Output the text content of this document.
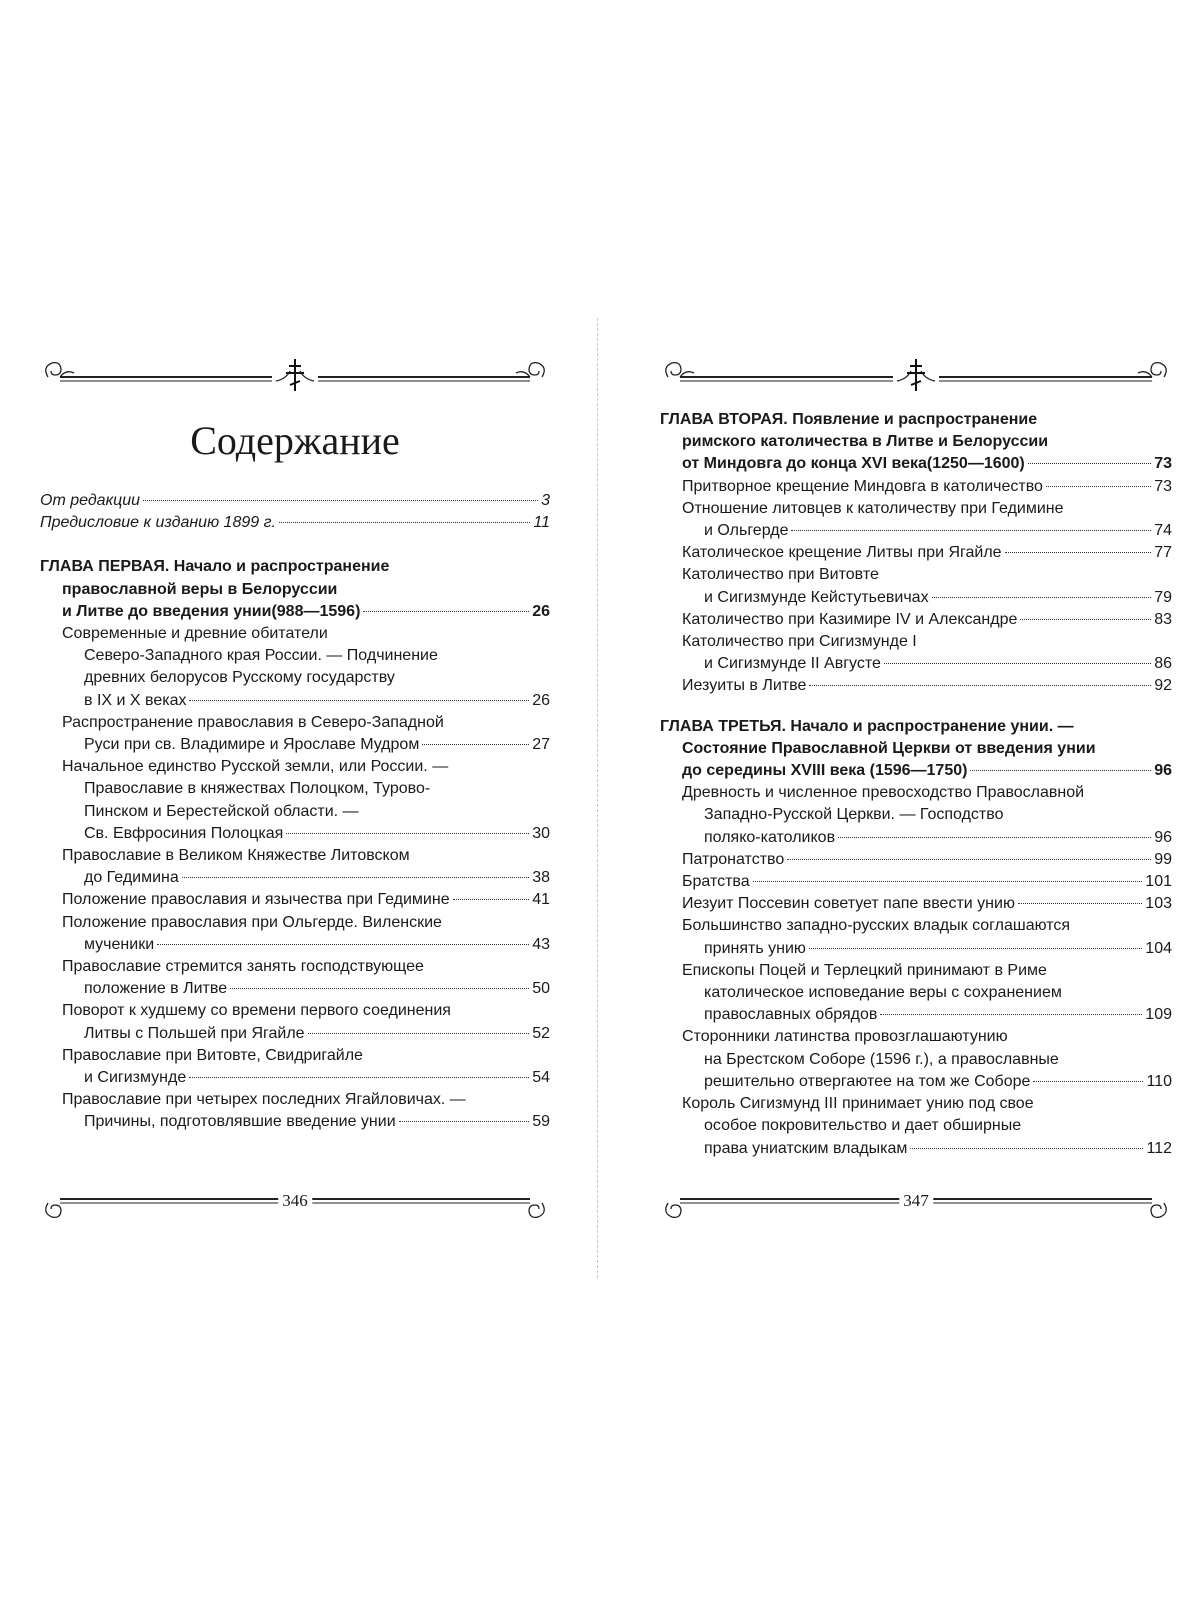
Содержание
От редакции	3
Предисловие к изданию 1899 г.	11
ГЛАВА ПЕРВАЯ. Начало и распространение
православной веры в Белоруссии
и Литве до введения унии(988—1596)	26
Современные и древние обитатели
Северо-Западного края России. — Подчинение
древних белорусов Русскому государству
в IX и X веках	26
Распространение православия в Северо-Западной
Руси при св. Владимире и Ярославе Мудром	27
Начальное единство Русской земли, или России. —
Православие в княжествах Полоцком, Турово-
Пинском и Берестейской области. —
Св. Евфросиния Полоцкая	30
Православие в Великом Княжестве Литовском
до Гедимина	38
Положение православия и язычества при Гедимине	41
Положение православия при Ольгерде. Виленские
мученики	43
Православие стремится занять господствующее
положение в Литве	50
Поворот к худшему со времени первого соединения
Литвы с Польшей при Ягайле	52
Православие при Витовте, Свидригайле
и Сигизмунде	54
Православие при четырех последних Ягайловичах. —
Причины, подготовлявшие введение унии	59
346
ГЛАВА ВТОРАЯ. Появление и распространение
римского католичества в Литве и Белоруссии
от Миндовга до конца XVI века(1250—1600)	73
Притворное крещение Миндовга в католичество	73
Отношение литовцев к католичеству при Гедимине
и Ольгерде	74
Католическое крещение Литвы при Ягайле	77
Католичество при Витовте
и Сигизмунде Кейстутьевичах	79
Католичество при Казимире IV и Александре	83
Католичество при Сигизмунде I
и Сигизмунде II Августе	86
Иезуиты в Литве	92
ГЛАВА ТРЕТЬЯ. Начало и распространение унии. —
Состояние Православной Церкви от введения унии
до середины XVIII века (1596—1750)	96
Древность и численное превосходство Православной
Западно-Русской Церкви. — Господство
поляко-католиков	96
Патронатство	99
Братства	101
Иезуит Поссевин советует папе ввести унию	103
Большинство западно-русских владык соглашаются
принять унию	104
Епископы Поцей и Терлецкий принимают в Риме
католическое исповедание веры с сохранением
православных обрядов	109
Сторонники латинства провозглашаютунию
на Брестском Соборе (1596 г.), а православные
решительно отвергаютее на том же Соборе	110
Король Сигизмунд III принимает унию под свое
особое покровительство и дает обширные
права униатским владыкам	112
347
